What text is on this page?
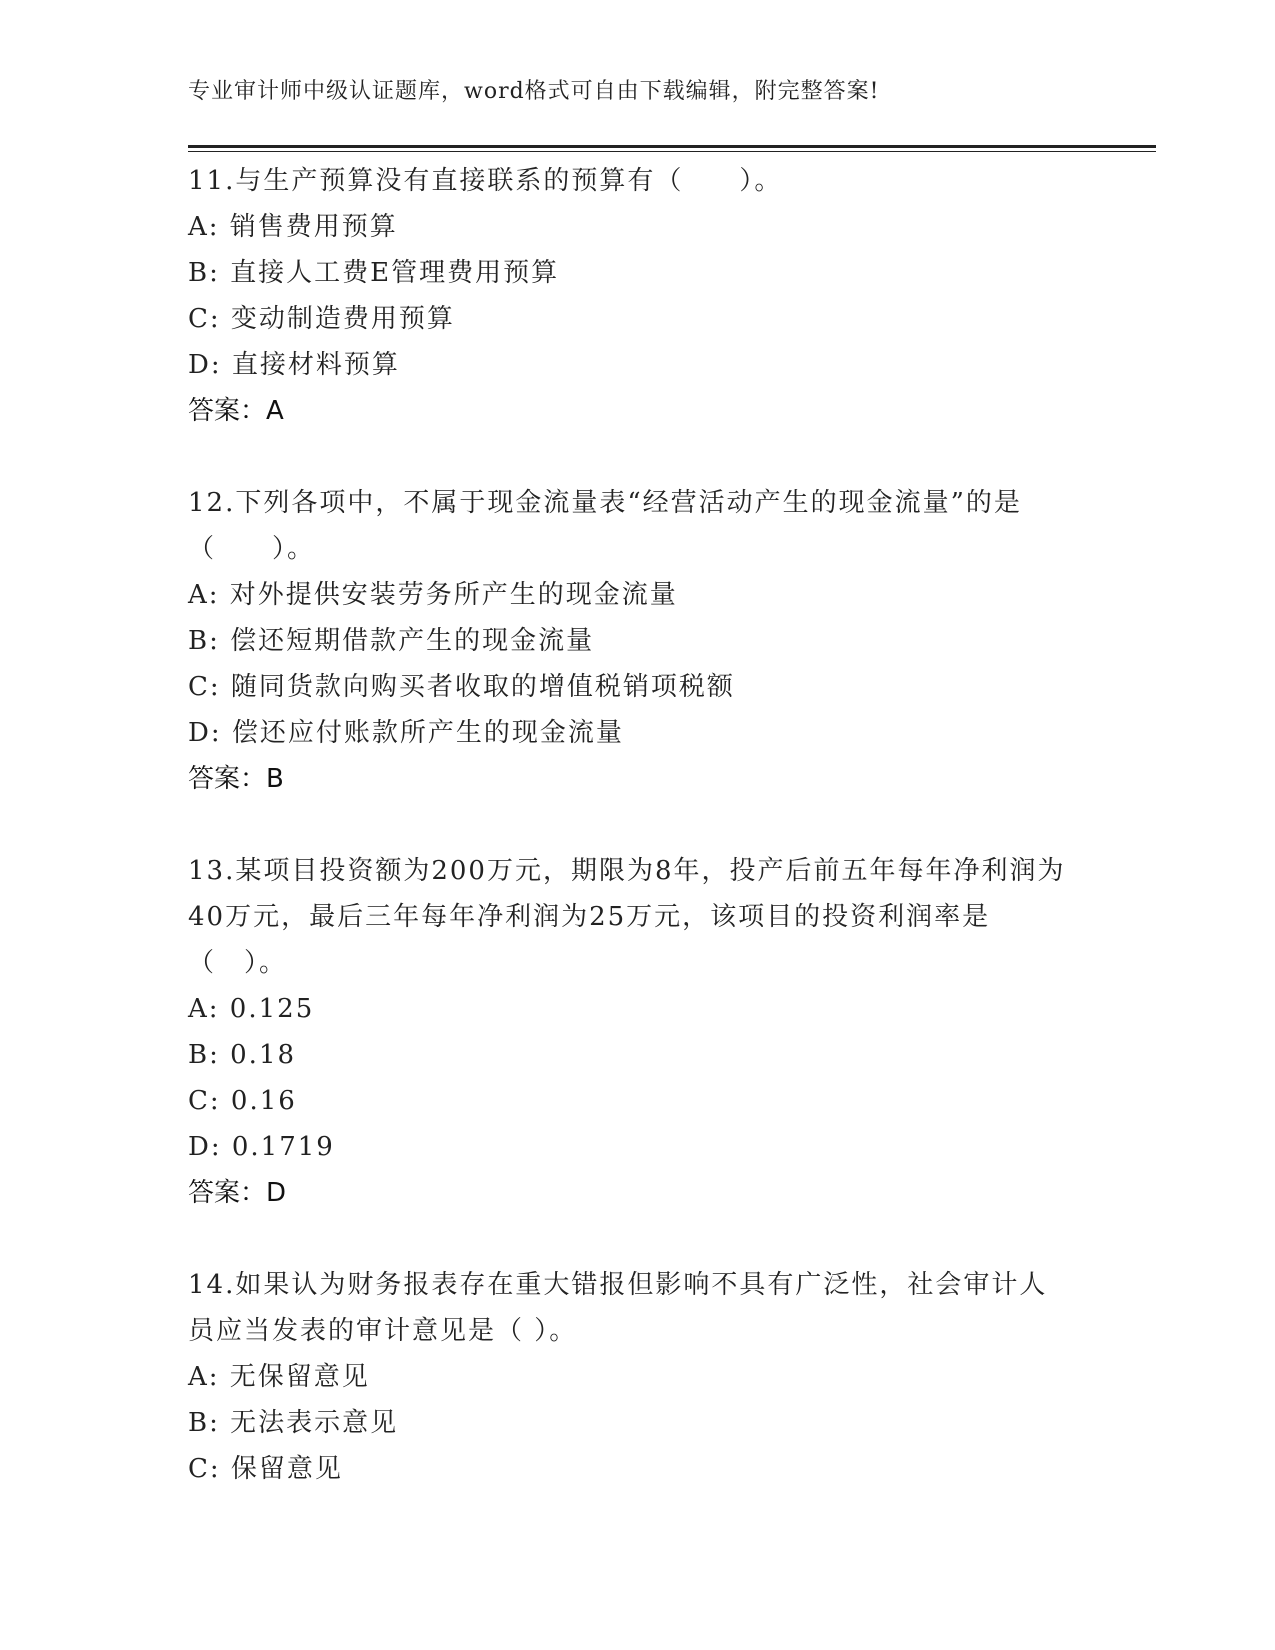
专业审计师中级认证题库，word格式可自由下载编辑，附完整答案!
11.与生产预算没有直接联系的预算有（　　）。
A: 销售费用预算
B: 直接人工费E管理费用预算
C: 变动制造费用预算
D: 直接材料预算
答案：A
12.下列各项中，不属于现金流量表“经营活动产生的现金流量”的是（　　）。
A: 对外提供安装劳务所产生的现金流量
B: 偿还短期借款产生的现金流量
C: 随同货款向购买者收取的增值税销项税额
D: 偿还应付账款所产生的现金流量
答案：B
13.某项目投资额为200万元，期限为8年，投产后前五年每年净利润为40万元，最后三年每年净利润为25万元，该项目的投资利润率是（　）。
A: 0.125
B: 0.18
C: 0.16
D: 0.1719
答案：D
14.如果认为财务报表存在重大错报但影响不具有广泛性，社会审计人员应当发表的审计意见是（ ）。
A: 无保留意见
B: 无法表示意见
C: 保留意见
